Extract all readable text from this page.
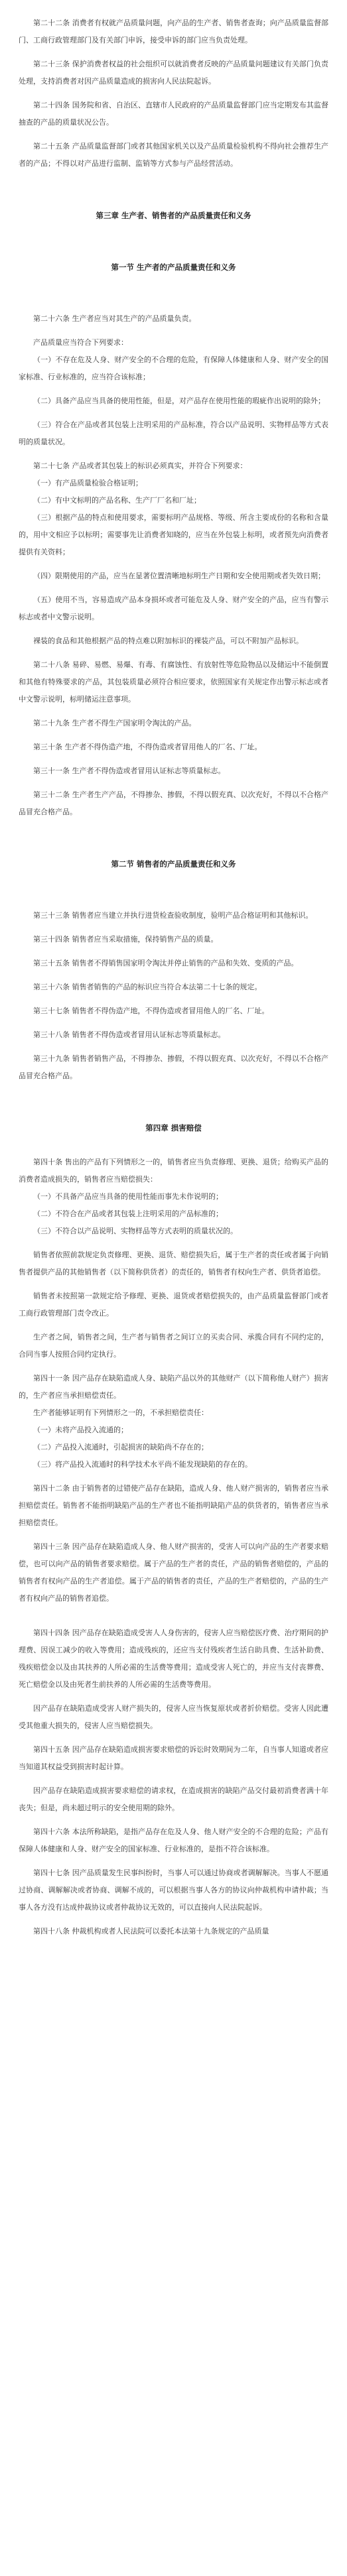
第二十二条 消费者有权就产品质量问题，向产品的生产者、销售者查询；向产品质量监督部门、工商行政管理部门及有关部门申诉，接受申诉的部门应当负责处理。

第二十三条 保护消费者权益的社会组织可以就消费者反映的产品质量问题建议有关部门负责处理，支持消费者对因产品质量造成的损害向人民法院起诉。

第二十四条 国务院和省、自治区、直辖市人民政府的产品质量监督部门应当定期发布其监督抽查的产品的质量状况公告。

第二十五条 产品质量监督部门或者其他国家机关以及产品质量检验机构不得向社会推荐生产者的产品；不得以对产品进行监制、监销等方式参与产品经营活动。

第三章 生产者、销售者的产品质量责任和义务

第一节 生产者的产品质量责任和义务

第二十六条 生产者应当对其生产的产品质量负责。

产品质量应当符合下列要求：

（一）不存在危及人身、财产安全的不合理的危险，有保障人体健康和人身、财产安全的国家标准、行业标准的，应当符合该标准；

（二）具备产品应当具备的使用性能，但是，对产品存在使用性能的瑕疵作出说明的除外；

（三）符合在产品或者其包装上注明采用的产品标准，符合以产品说明、实物样品等方式表明的质量状况。

第二十七条 产品或者其包装上的标识必须真实，并符合下列要求：

（一）有产品质量检验合格证明；

（二）有中文标明的产品名称、生产厂厂名和厂址；

（三）根据产品的特点和使用要求，需要标明产品规格、等级、所含主要成份的名称和含量的，用中文相应予以标明；需要事先让消费者知晓的，应当在外包装上标明，或者预先向消费者提供有关资料；

（四）限期使用的产品，应当在显著位置清晰地标明生产日期和安全使用期或者失效日期；

（五）使用不当，容易造成产品本身损坏或者可能危及人身、财产安全的产品，应当有警示标志或者中文警示说明。

裸装的食品和其他根据产品的特点难以附加标识的裸装产品，可以不附加产品标识。

第二十八条 易碎、易燃、易爆、有毒、有腐蚀性、有放射性等危险物品以及储运中不能倒置和其他有特殊要求的产品，其包装质量必须符合相应要求，依照国家有关规定作出警示标志或者中文警示说明，标明储运注意事项。

第二十九条 生产者不得生产国家明令淘汰的产品。

第三十条 生产者不得伪造产地，不得伪造或者冒用他人的厂名、厂址。

第三十一条 生产者不得伪造或者冒用认证标志等质量标志。

第三十二条 生产者生产产品，不得掺杂、掺假，不得以假充真、以次充好，不得以不合格产品冒充合格产品。

第二节 销售者的产品质量责任和义务

第三十三条 销售者应当建立并执行进货检查验收制度，验明产品合格证明和其他标识。

第三十四条 销售者应当采取措施，保持销售产品的质量。

第三十五条 销售者不得销售国家明令淘汰并停止销售的产品和失效、变质的产品。

第三十六条 销售者销售的产品的标识应当符合本法第二十七条的规定。

第三十七条 销售者不得伪造产地，不得伪造或者冒用他人的厂名、厂址。

第三十八条 销售者不得伪造或者冒用认证标志等质量标志。

第三十九条 销售者销售产品，不得掺杂、掺假，不得以假充真、以次充好，不得以不合格产品冒充合格产品。

第四章 损害赔偿

第四十条 售出的产品有下列情形之一的，销售者应当负责修理、更换、退货；给购买产品的消费者造成损失的，销售者应当赔偿损失：

（一）不具备产品应当具备的使用性能而事先未作说明的；

（二）不符合在产品或者其包装上注明采用的产品标准的；

（三）不符合以产品说明、实物样品等方式表明的质量状况的。

销售者依照前款规定负责修理、更换、退货、赔偿损失后，属于生产者的责任或者属于向销售者提供产品的其他销售者（以下简称供货者）的责任的，销售者有权向生产者、供货者追偿。

销售者未按照第一款规定给予修理、更换、退货或者赔偿损失的，由产品质量监督部门或者工商行政管理部门责令改正。

生产者之间，销售者之间，生产者与销售者之间订立的买卖合同、承揽合同有不同约定的，合同当事人按照合同约定执行。

第四十一条 因产品存在缺陷造成人身、缺陷产品以外的其他财产（以下简称他人财产）损害的，生产者应当承担赔偿责任。

生产者能够证明有下列情形之一的，不承担赔偿责任：

（一）未将产品投入流通的；

（二）产品投入流通时，引起损害的缺陷尚不存在的；

（三）将产品投入流通时的科学技术水平尚不能发现缺陷的存在的。

第四十二条 由于销售者的过错使产品存在缺陷，造成人身、他人财产损害的，销售者应当承担赔偿责任。销售者不能指明缺陷产品的生产者也不能指明缺陷产品的供货者的，销售者应当承担赔偿责任。

第四十三条 因产品存在缺陷造成人身、他人财产损害的，受害人可以向产品的生产者要求赔偿，也可以向产品的销售者要求赔偿。属于产品的生产者的责任，产品的销售者赔偿的，产品的销售者有权向产品的生产者追偿。属于产品的销售者的责任，产品的生产者赔偿的，产品的生产者有权向产品的销售者追偿。

第四十四条 因产品存在缺陷造成受害人人身伤害的，侵害人应当赔偿医疗费、治疗期间的护理费、因误工减少的收入等费用；造成残疾的，还应当支付残疾者生活自助具费、生活补助费、残疾赔偿金以及由其扶养的人所必需的生活费等费用；造成受害人死亡的，并应当支付丧葬费、死亡赔偿金以及由死者生前扶养的人所必需的生活费等费用。

因产品存在缺陷造成受害人财产损失的，侵害人应当恢复原状或者折价赔偿。受害人因此遭受其他重大损失的，侵害人应当赔偿损失。

第四十五条 因产品存在缺陷造成损害要求赔偿的诉讼时效期间为二年，自当事人知道或者应当知道其权益受到损害时起计算。

因产品存在缺陷造成损害要求赔偿的请求权，在造成损害的缺陷产品交付最初消费者满十年丧失；但是，尚未超过明示的安全使用期的除外。

第四十六条 本法所称缺陷，是指产品存在危及人身、他人财产安全的不合理的危险；产品有保障人体健康和人身、财产安全的国家标准、行业标准的，是指不符合该标准。

第四十七条 因产品质量发生民事纠纷时，当事人可以通过协商或者调解解决。当事人不愿通过协商、调解解决或者协商、调解不成的，可以根据当事人各方的协议向仲裁机构申请仲裁；当事人各方没有达成仲裁协议或者仲裁协议无效的，可以直接向人民法院起诉。

第四十八条 仲裁机构或者人民法院可以委托本法第十九条规定的产品质量
